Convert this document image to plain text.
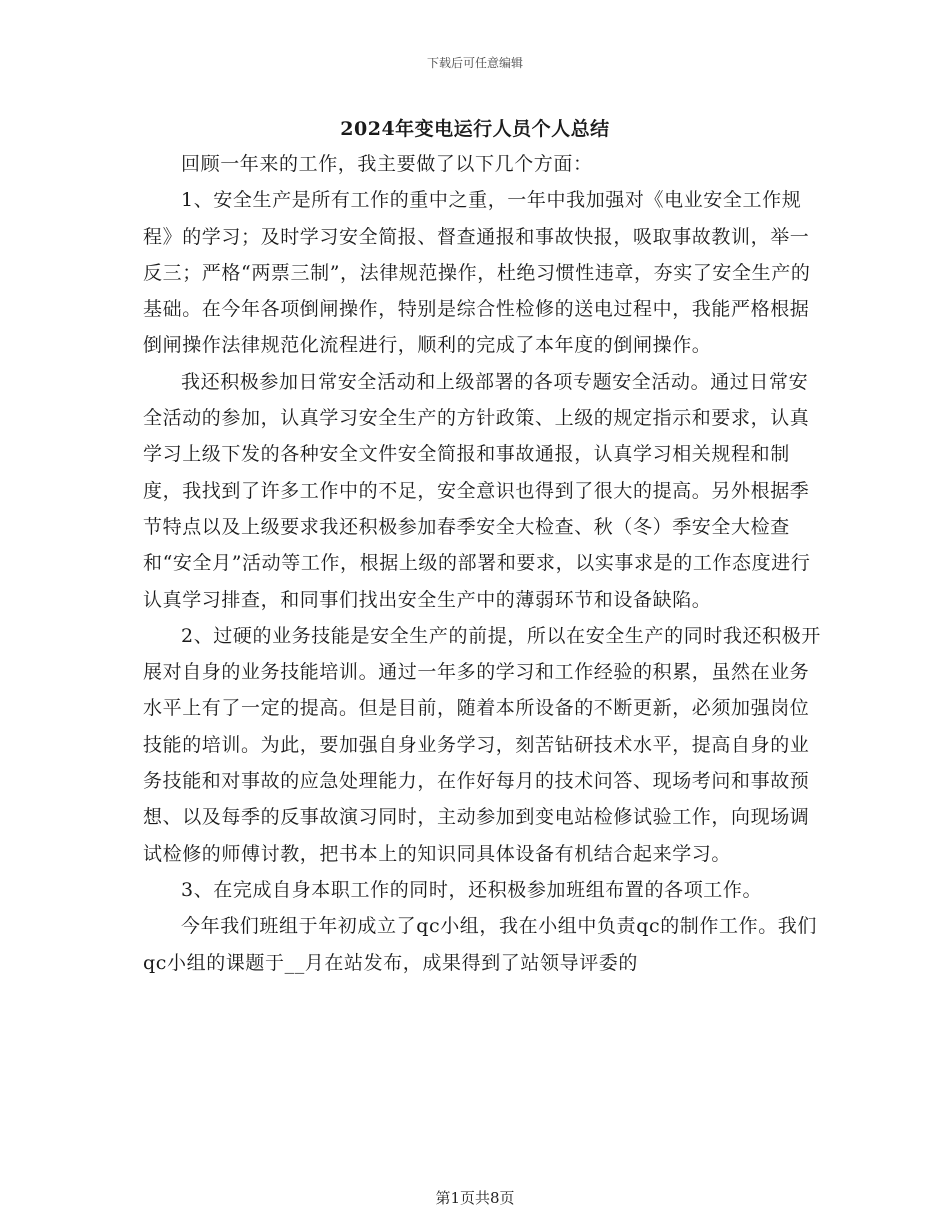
下载后可任意编辑
2024年变电运行人员个人总结

回顾一年来的工作，我主要做了以下几个方面：

1、安全生产是所有工作的重中之重，一年中我加强对《电业安全工作规程》的学习；及时学习安全简报、督查通报和事故快报，吸取事故教训，举一反三；严格“两票三制”，法律规范操作，杜绝习惯性违章，夯实了安全生产的基础。在今年各项倒闸操作，特别是综合性检修的送电过程中，我能严格根据倒闸操作法律规范化流程进行，顺利的完成了本年度的倒闸操作。

我还积极参加日常安全活动和上级部署的各项专题安全活动。通过日常安全活动的参加，认真学习安全生产的方针政策、上级的规定指示和要求，认真学习上级下发的各种安全文件安全简报和事故通报，认真学习相关规程和制度，我找到了许多工作中的不足，安全意识也得到了很大的提高。另外根据季节特点以及上级要求我还积极参加春季安全大检查、秋（冬）季安全大检查和“安全月”活动等工作，根据上级的部署和要求，以实事求是的工作态度进行认真学习排查，和同事们找出安全生产中的薄弱环节和设备缺陷。

2、过硬的业务技能是安全生产的前提，所以在安全生产的同时我还积极开展对自身的业务技能培训。通过一年多的学习和工作经验的积累，虽然在业务水平上有了一定的提高。但是目前，随着本所设备的不断更新，必须加强岗位技能的培训。为此，要加强自身业务学习，刻苦钻研技术水平，提高自身的业务技能和对事故的应急处理能力，在作好每月的技术问答、现场考问和事故预想、以及每季的反事故演习同时，主动参加到变电站检修试验工作，向现场调试检修的师傅讨教，把书本上的知识同具体设备有机结合起来学习。

3、在完成自身本职工作的同时，还积极参加班组布置的各项工作。

今年我们班组于年初成立了qc小组，我在小组中负责qc的制作工作。我们qc小组的课题于__月在站发布，成果得到了站领导评委的

第1页共8页
